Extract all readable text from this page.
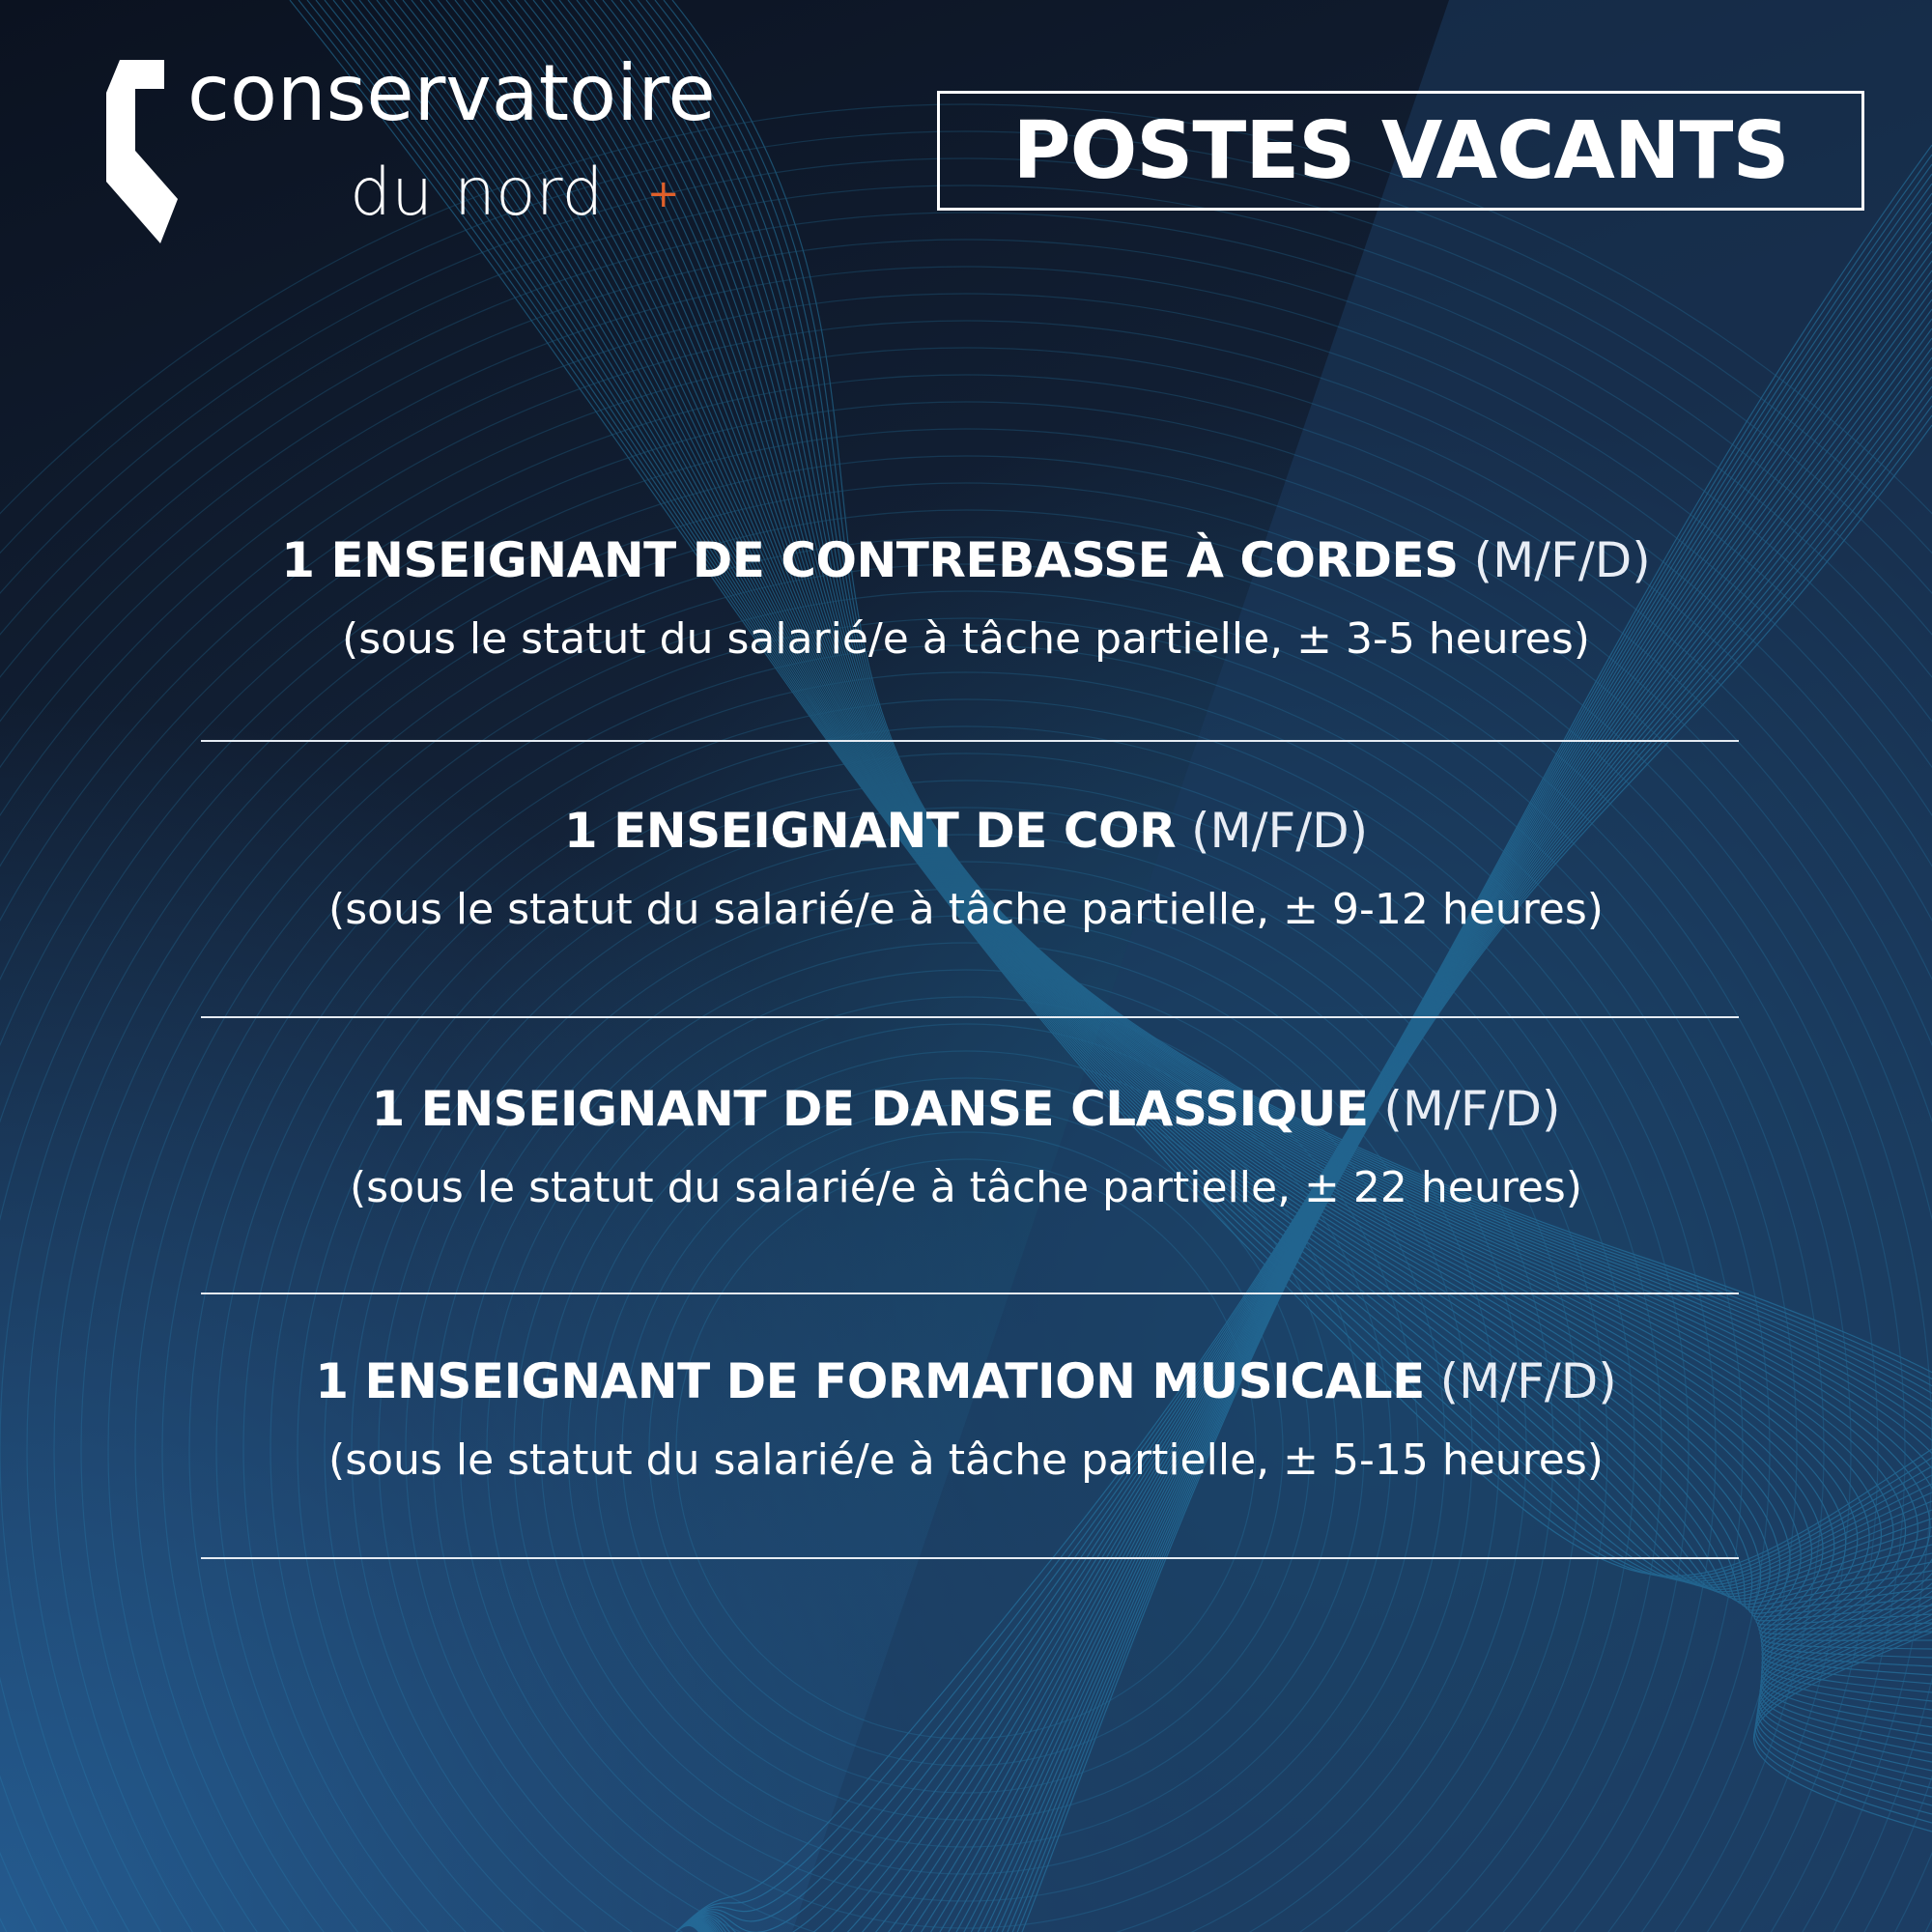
conservatoire
du nord +	POSTES VACANTS
1 ENSEIGNANT DE CONTREBASSE À CORDES (M/F/D)
(sous le statut du salarié/e à tâche partielle, ± 3-5 heures)
1 ENSEIGNANT DE COR (M/F/D)
(sous le statut du salarié/e à tâche partielle, ± 9-12 heures)
1 ENSEIGNANT DE DANSE CLASSIQUE (M/F/D)
(sous le statut du salarié/e à tâche partielle, ± 22 heures)
1 ENSEIGNANT DE FORMATION MUSICALE (M/F/D)
(sous le statut du salarié/e à tâche partielle, ± 5-15 heures)
